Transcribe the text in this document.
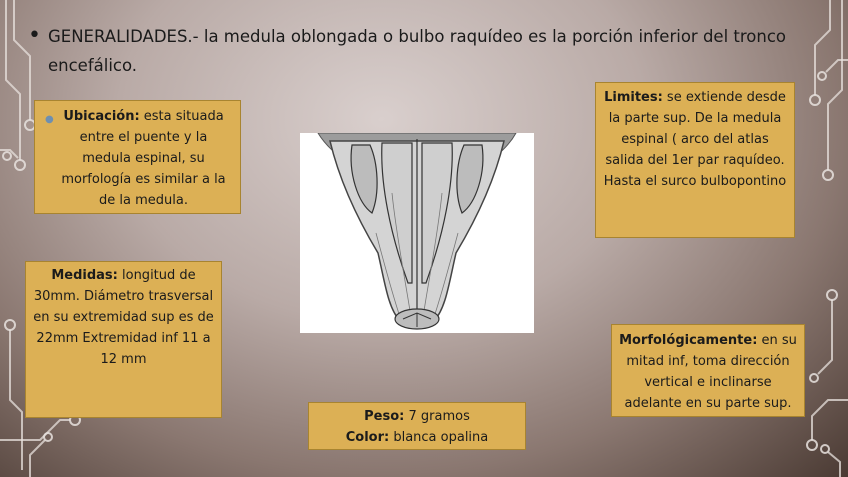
• GENERALIDADES.- la medula oblongada o bulbo raquídeo es la porción inferior del tronco encefálico.
● Ubicación: esta situada entre el puente y la medula espinal, su morfología es similar a la de la medula.
Limites: se extiende desde la parte sup. De la medula espinal ( arco del atlas salida del 1er par raquídeo. Hasta el surco bulbopontino
Medidas: longitud de 30mm. Diámetro trasversal en su extremidad sup es de 22mm Extremidad inf 11 a 12 mm
Peso: 7 gramos
Color: blanca opalina
Morfológicamente: en su mitad inf, toma dirección vertical e inclinarse adelante en su parte sup.
